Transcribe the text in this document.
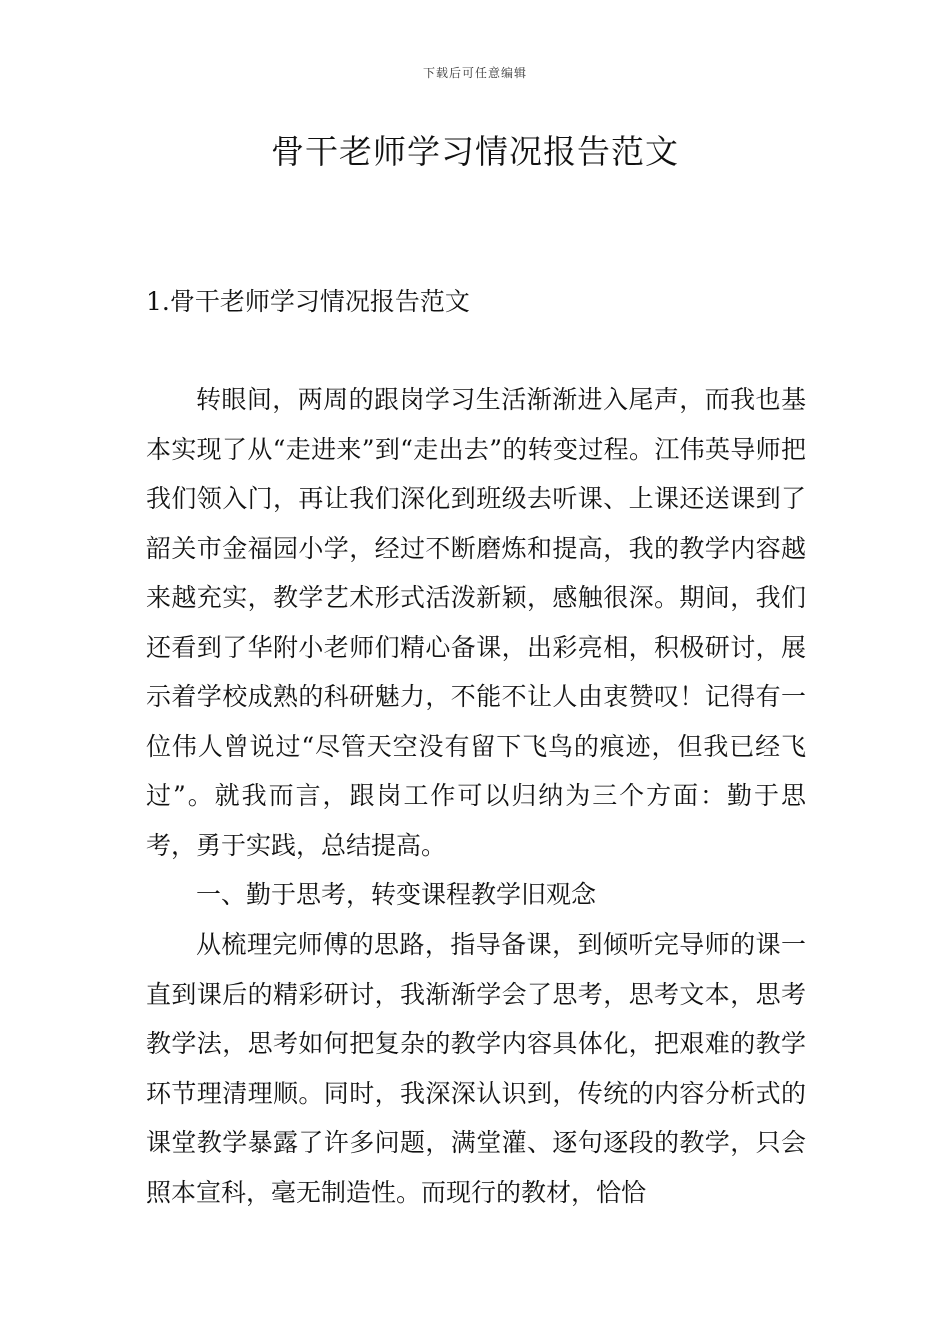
下载后可任意编辑
骨干老师学习情况报告范文

1.骨干老师学习情况报告范文

转眼间，两周的跟岗学习生活渐渐进入尾声，而我也基本实现了从“走进来”到“走出去”的转变过程。江伟英导师把我们领入门，再让我们深化到班级去听课、上课还送课到了韶关市金福园小学，经过不断磨炼和提高，我的教学内容越来越充实，教学艺术形式活泼新颖，感触很深。期间，我们还看到了华附小老师们精心备课，出彩亮相，积极研讨，展示着学校成熟的科研魅力，不能不让人由衷赞叹！记得有一位伟人曾说过“尽管天空没有留下飞鸟的痕迹，但我已经飞过”。就我而言，跟岗工作可以归纳为三个方面：勤于思考，勇于实践，总结提高。

一、勤于思考，转变课程教学旧观念

从梳理完师傅的思路，指导备课，到倾听完导师的课一直到课后的精彩研讨，我渐渐学会了思考，思考文本，思考教学法，思考如何把复杂的教学内容具体化，把艰难的教学环节理清理顺。同时，我深深认识到，传统的内容分析式的课堂教学暴露了许多问题，满堂灌、逐句逐段的教学，只会照本宣科，毫无制造性。而现行的教材，恰恰
